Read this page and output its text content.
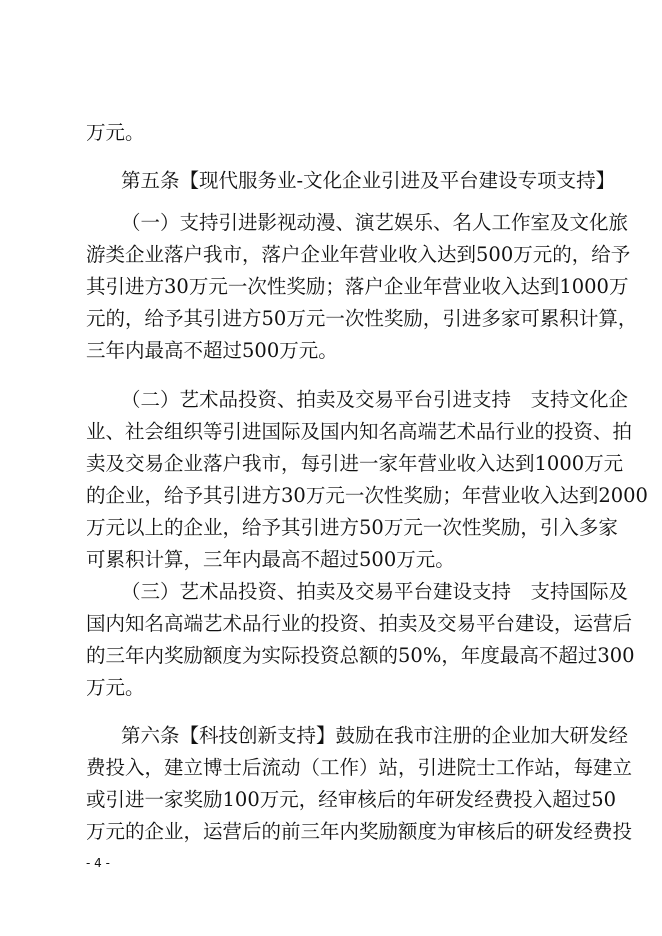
万元。
第五条【现代服务业-文化企业引进及平台建设专项支持】
（一）支持引进影视动漫、演艺娱乐、名人工作室及文化旅
游类企业落户我市，落户企业年营业收入达到500万元的，给予
其引进方30万元一次性奖励；落户企业年营业收入达到1000万
元的，给予其引进方50万元一次性奖励，引进多家可累积计算，
三年内最高不超过500万元。
（二）艺术品投资、拍卖及交易平台引进支持　支持文化企
业、社会组织等引进国际及国内知名高端艺术品行业的投资、拍
卖及交易企业落户我市，每引进一家年营业收入达到1000万元
的企业，给予其引进方30万元一次性奖励；年营业收入达到2000
万元以上的企业，给予其引进方50万元一次性奖励，引入多家
可累积计算，三年内最高不超过500万元。
（三）艺术品投资、拍卖及交易平台建设支持　支持国际及
国内知名高端艺术品行业的投资、拍卖及交易平台建设，运营后
的三年内奖励额度为实际投资总额的50%，年度最高不超过300
万元。
第六条【科技创新支持】鼓励在我市注册的企业加大研发经
费投入，建立博士后流动（工作）站，引进院士工作站，每建立
或引进一家奖励100万元，经审核后的年研发经费投入超过50
万元的企业，运营后的前三年内奖励额度为审核后的研发经费投
- 4 -
